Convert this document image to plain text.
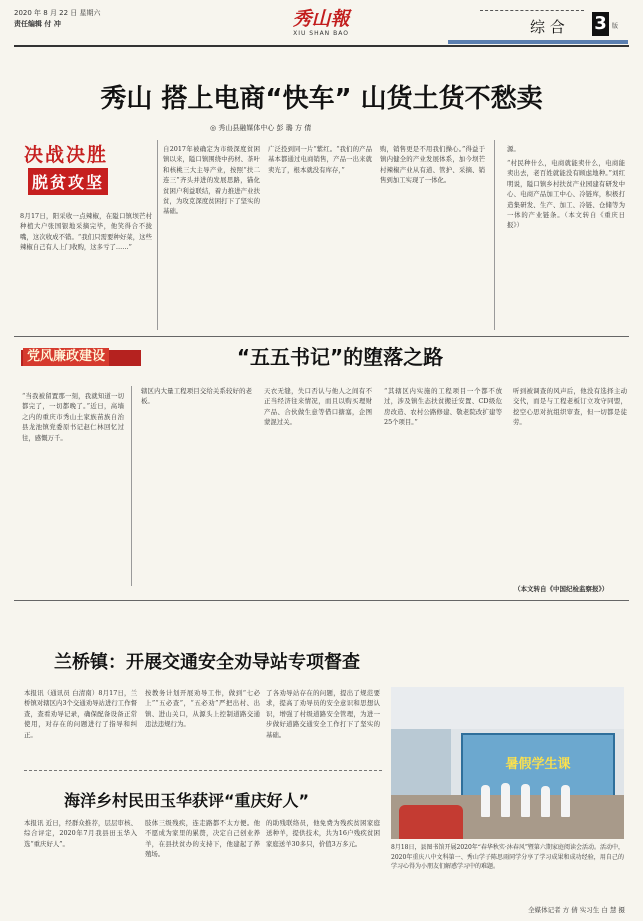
2020 年 8 月 22 日 星期六
责任编辑 付 冲	秀山報
XIU SHAN BAO	综 合 3 版
秀山 搭上电商“快车” 山货土货不愁卖
◎ 秀山县融媒体中心 彭 璐 方 倩
决战决胜
脱贫攻坚
8月17日，阳采收一点辣椒，在隘口镇坝芒村种植大户张国银地采摘完毕，他笑得合不拢嘴，这次收成不错。“我们只需要种好菜，这些辣椒自己有人上门收购，这多亏了……”
自2017年被确定为市级深度贫困镇以来，隘口镇围绕中药材、茶叶和核桃三大主导产业，按照“扶二连三”齐头并进的发展思路，锚化贫困户利益联结，着力推进产业扶贫，为攻克深度贫困打下了坚实的基础。
广泛投到同一片“紫红。“我们的产品基本都通过电商销售，产品一出来就卖光了，根本就没有库存，”
购，销售更是不用我们操心。”得益于镇内健全的产业发展体系，加今坝芒村辣椒产业从有道、管护、采摘、销售到加工实现了一体化。
源。
“村民种什么，电商就能卖什么，电商能卖出去，老百姓就能没有顾虑地种。”刘红明说，隘口镇乡村扶贫产业园建有研发中心、电商产品加工中心、冷链库，积极打造集研发、生产、加工、冷链、仓储等为一体的产业链条。（本文转自《重庆日报》）
党风廉政建设	“五五书记”的堕落之路
“当我被留置那一刻，我就知道一切都完了，一切都晚了。”近日，高墙之内的重庆市秀山土家族苗族自治县龙池镇党委原书记赵仁林回忆过往，感慨万千。
辖区内大量工程项目交给关系较好的老板。
天衣无缝，失口否认与他人之间有不正当经济往来情况，而且以购买理财产品、合伙做生意等借口搪塞，企图蒙混过关。
“其辖区内实施的工程项目一个都不放过，涉及镇生态扶贫搬迁安置、CD级危房改造、农村公路修建、敬老院改扩建等25个项目。”
听到被调查的风声后，他没有选择主动交代，而是与工程老板订立攻守同盟，挖空心思对抗组织审查，但一切都是徒劳。
（本文转自《中国纪检监察报》）
兰桥镇：开展交通安全劝导站专项督查
本报讯（通讯员 白清南）8月17日，兰桥镇对辖区内3个交通劝导站进行工作督查，查看劝导记录，确保配备设备正常使用，对存在的问题进行了指导和纠正。
按教务计划开展劝导工作，做到“七必上”“五必查”，“五必劝”严把出村、出镇、进山关口，从源头上控制道路交通违法违规行为。
了各劝导站存在的问题，提出了规范要求，提高了劝导员的安全意识和思想认识，增强了村级道路安全管理，为进一步做好道路交通安全工作打下了坚实的基础。
海洋乡村民田玉华获评“重庆好人”
本报讯 近日，经群众推荐，层层审核、综合评定，2020年7月我县田玉华入选“重庆好人”。
肢体三级残疾，连走路都不太方便。他不愿成为家里的累赘，决定自己创业养羊，在县扶贫办的支持下，他建起了养殖场。
的助残联络员，他免费为残疾贫困家庭送种羊，提供技术，共为16户残疾贫困家庭送羊30多只，价值3万多元。
暑假学生课
8月18日，县图书馆开展2020年“春华秋实·沐春风”暨第六期家庭阅读会活动。活动中，2020年重庆八中文科第一、秀山学子陈思雨同学分享了学习成果和成功经验，用自己的学习心得为小朋友们解惑学习中的难题。
全媒体记者 方 倩 实习生 白 慧 摄
